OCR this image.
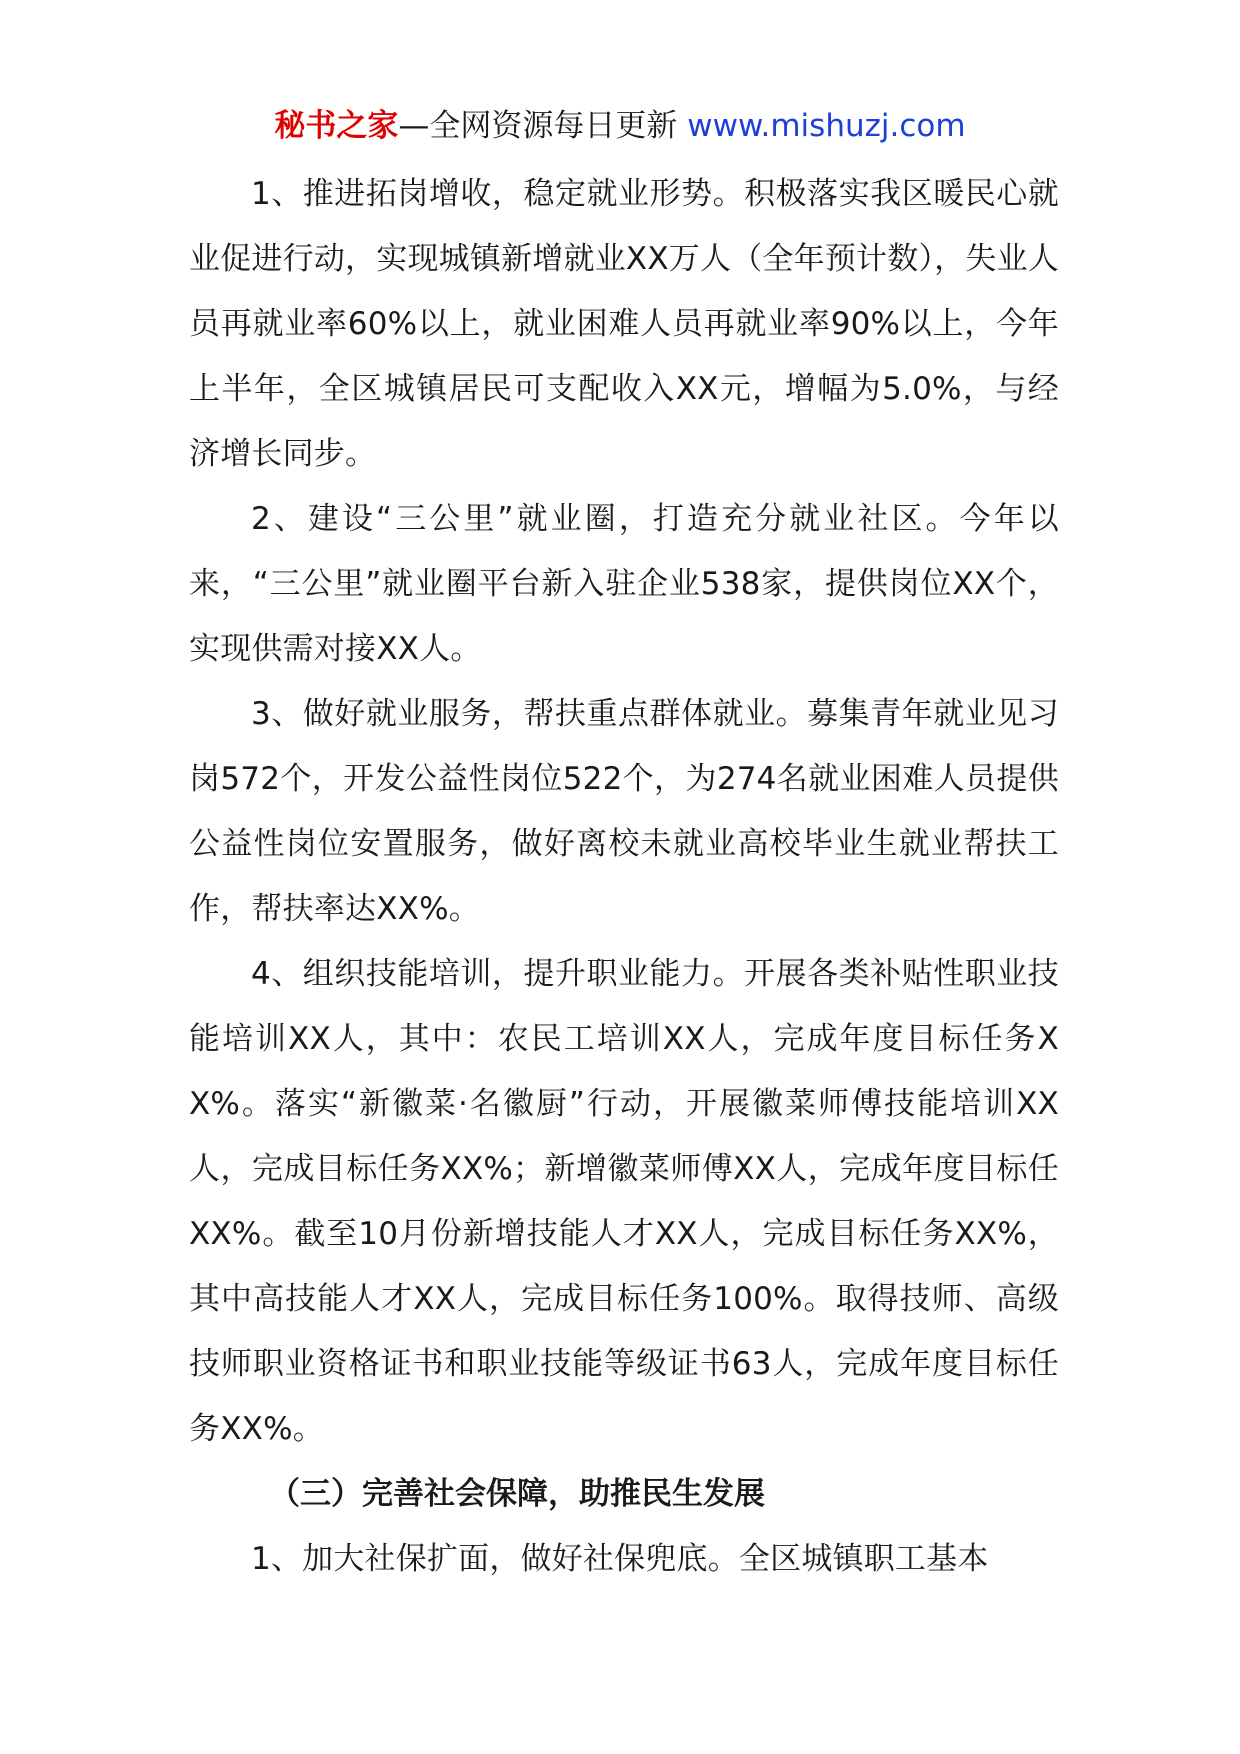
秘书之家—全网资源每日更新 www.mishuzj.com

1、推进拓岗增收，稳定就业形势。积极落实我区暖民心就业促进行动，实现城镇新增就业XX万人（全年预计数），失业人员再就业率60%以上，就业困难人员再就业率90%以上，今年上半年，全区城镇居民可支配收入XX元，增幅为5.0%，与经济增长同步。

2、建设“三公里”就业圈，打造充分就业社区。今年以来，“三公里”就业圈平台新入驻企业538家，提供岗位XX个，实现供需对接XX人。

3、做好就业服务，帮扶重点群体就业。募集青年就业见习岗572个，开发公益性岗位522个，为274名就业困难人员提供公益性岗位安置服务，做好离校未就业高校毕业生就业帮扶工作，帮扶率达XX%。

4、组织技能培训，提升职业能力。开展各类补贴性职业技能培训XX人，其中：农民工培训XX人，完成年度目标任务XX%。落实“新徽菜·名徽厨”行动，开展徽菜师傅技能培训XX人，完成目标任务XX%；新增徽菜师傅XX人，完成年度目标任XX%。截至10月份新增技能人才XX人，完成目标任务XX%，其中高技能人才XX人，完成目标任务100%。取得技师、高级技师职业资格证书和职业技能等级证书63人，完成年度目标任务XX%。

（三）完善社会保障，助推民生发展

1、加大社保扩面，做好社保兜底。全区城镇职工基本
